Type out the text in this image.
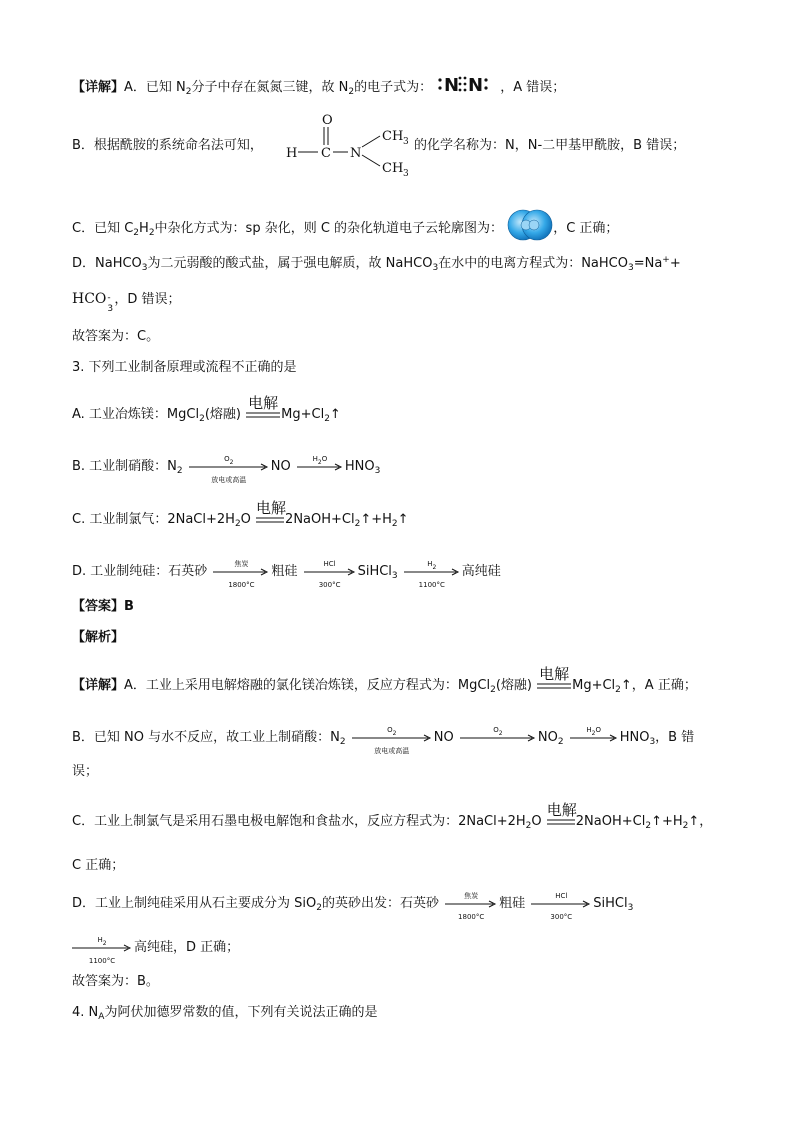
【详解】A．已知 $N_2$分子中存在氮氮三键，故 $N_2$的电子式为： N N ，A 错误；
B．根据酰胺的系统命名法可知，
O
H C N
CH 3
CH 3
的化学名称为：N，N-二甲基甲酰胺，B 错误；
C．已知 $C_2H_2$中杂化方式为：sp 杂化，则 C 的杂化轨道电子云轮廓图为：	，C 正确；
D．NaHCO$_3$为二元弱酸的酸式盐，属于强电解质，故 NaHCO$_3$在水中的电离方程式为：NaHCO$_3$=Na++
HCO -
3
，D 错误；
故答案为：C。
3. 下列工业制备原理或流程不正确的是
A. 工业冶炼镁：MgCl$_2$(熔融)
电解
$Mg+Cl_2↑$
B. 工业制硝酸：$N_2$
$O_2$
放电或高温
NO
$H_2O$
$HNO_3$
C. 工业制氯气：$2NaCl+2H_2O$
电解
$2NaOH+Cl_2↑+H_2↑$
D. 工业制纯硅：石英砂
焦炭
1800°C
粗硅
HCl
300°C
SiHCl$_3$
$H_2$
1100°C
高纯硅
【答案】B
【解析】
【详解】A．工业上采用电解熔融的氯化镁冶炼镁，反应方程式为：MgCl$_2$(熔融)
电解
$Mg+Cl_2↑$，A 正确；
B．已知 NO 与水不反应，故工业上制硝酸：$N_2$
$O_2$
放电或高温
NO
$O_2$	$NO_2$
$H_2O$
$HNO_3$，B 错
误；
C．工业上制氯气是采用石墨电极电解饱和食盐水，反应方程式为：$2NaCl+2H_2O$
电解
$2NaOH+Cl_2↑+H_2↑$，
C 正确；
D．工业上制纯硅采用从石主要成分为 SiO$_2$的英砂出发：石英砂
焦炭
1800°C
粗硅
HCl
300°C
SiHCl$_3$
$H_2$
1100°C
高纯硅，D 正确；
故答案为：B。
4. $N_A$为阿伏加德罗常数的值，下列有关说法正确的是
